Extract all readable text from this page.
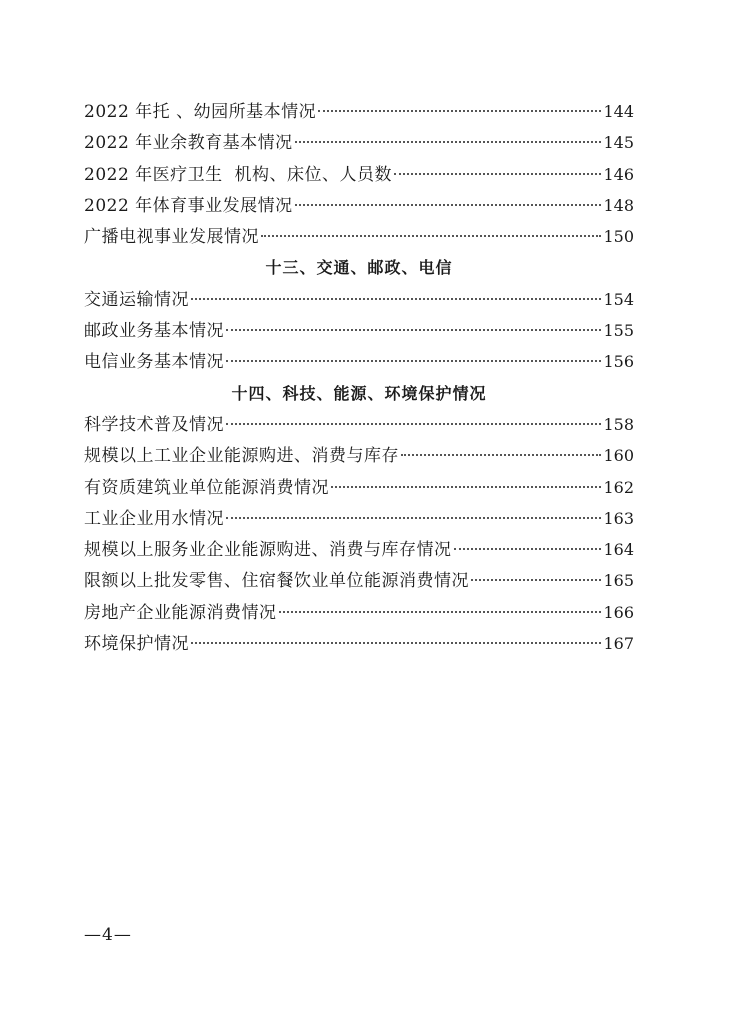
2022 年托 、幼园所基本情况	144
2022 年业余教育基本情况	145
2022 年医疗卫生  机构、床位、人员数	146
2022 年体育事业发展情况	148
广播电视事业发展情况	150
十三、交通、邮政、电信
交通运输情况	154
邮政业务基本情况	155
电信业务基本情况	156
十四、科技、能源、环境保护情况
科学技术普及情况	158
规模以上工业企业能源购进、消费与库存	160
有资质建筑业单位能源消费情况	162
工业企业用水情况	163
规模以上服务业企业能源购进、消费与库存情况	164
限额以上批发零售、住宿餐饮业单位能源消费情况	165
房地产企业能源消费情况	166
环境保护情况	167
—4—
